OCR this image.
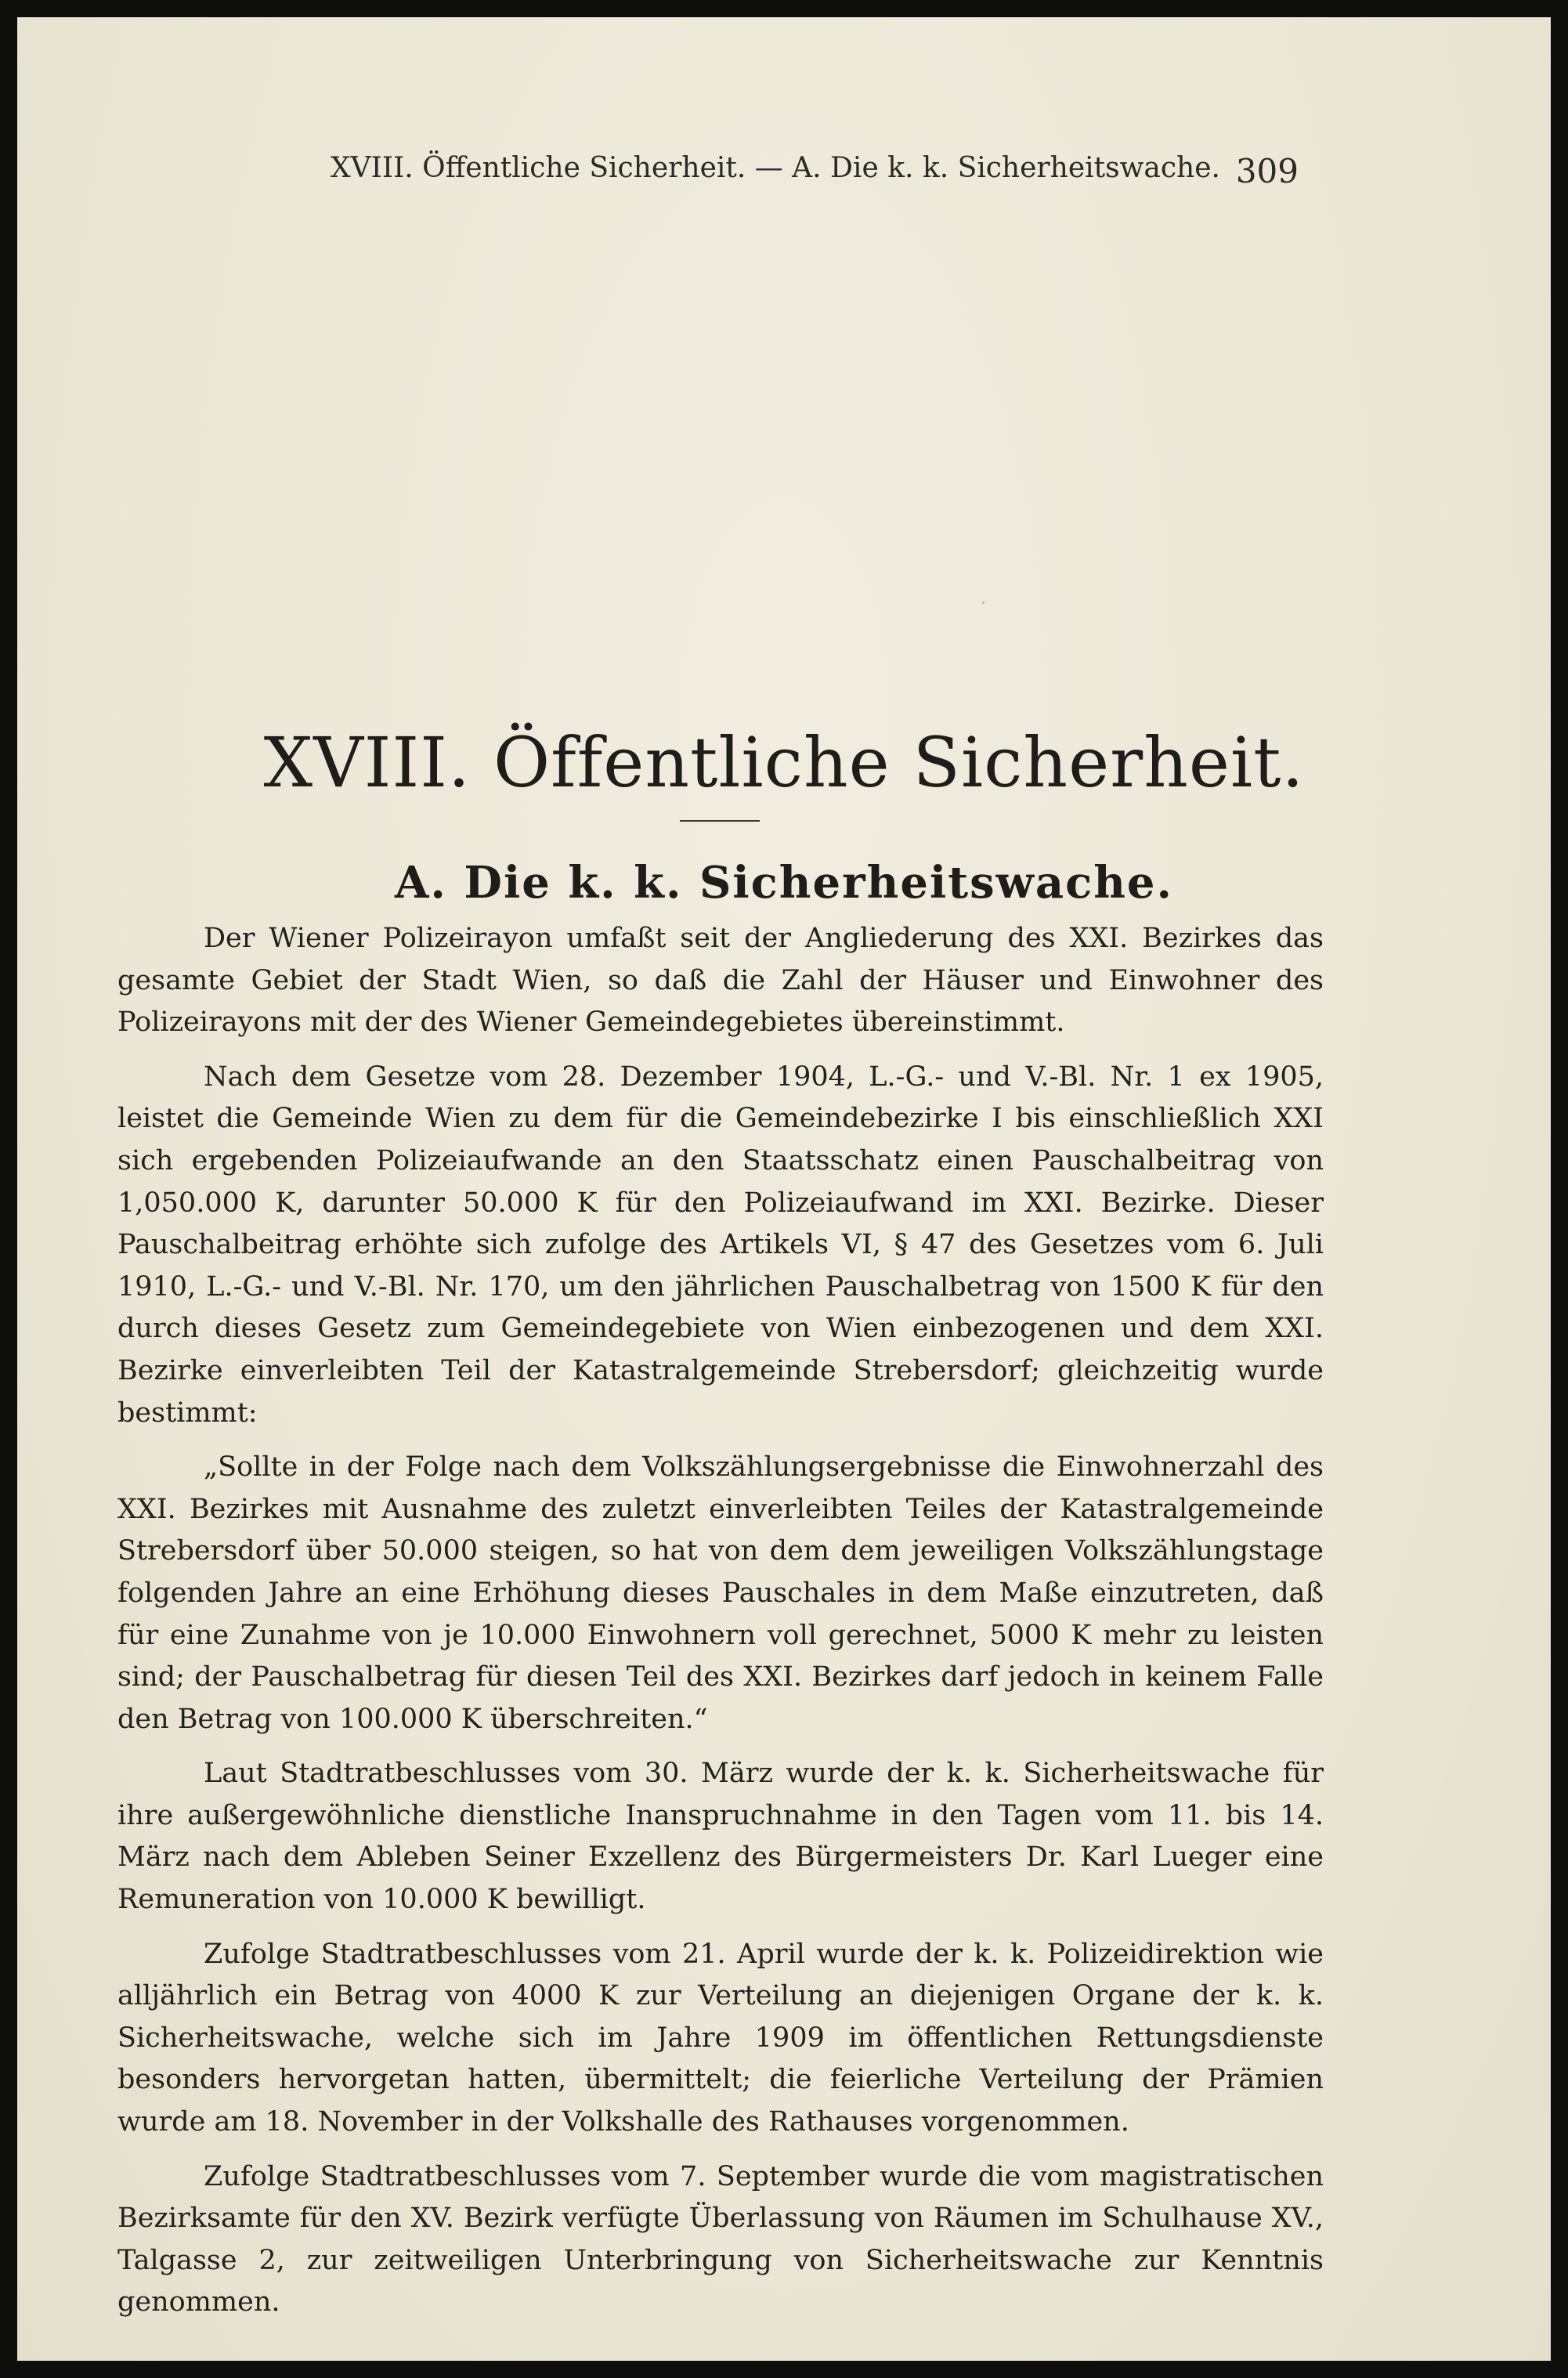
XVIII. Öffentliche Sicherheit. — A. Die k. k. Sicherheitswache. 309
XVIII. Öffentliche Sicherheit.
A. Die k. k. Sicherheitswache.

Der Wiener Polizeirayon umfaßt seit der Angliederung des XXI. Bezirkes das gesamte Gebiet der Stadt Wien, so daß die Zahl der Häuser und Einwohner des Polizeirayons mit der des Wiener Gemeindegebietes übereinstimmt.

Nach dem Gesetze vom 28. Dezember 1904, L.-G.- und V.-Bl. Nr. 1 ex 1905, leistet die Gemeinde Wien zu dem für die Gemeindebezirke I bis einschließlich XXI sich ergebenden Polizeiaufwande an den Staatsschatz einen Pauschalbeitrag von 1,050.000 K, darunter 50.000 K für den Polizeiaufwand im XXI. Bezirke. Dieser Pauschalbeitrag erhöhte sich zufolge des Artikels VI, § 47 des Gesetzes vom 6. Juli 1910, L.-G.- und V.-Bl. Nr. 170, um den jährlichen Pauschalbetrag von 1500 K für den durch dieses Gesetz zum Gemeindegebiete von Wien einbezogenen und dem XXI. Bezirke einverleibten Teil der Katastralgemeinde Strebersdorf; gleichzeitig wurde bestimmt:

„Sollte in der Folge nach dem Volkszählungsergebnisse die Einwohnerzahl des XXI. Bezirkes mit Ausnahme des zuletzt einverleibten Teiles der Katastralgemeinde Strebersdorf über 50.000 steigen, so hat von dem dem jeweiligen Volkszählungstage folgenden Jahre an eine Erhöhung dieses Pauschales in dem Maße einzutreten, daß für eine Zunahme von je 10.000 Einwohnern voll gerechnet, 5000 K mehr zu leisten sind; der Pauschalbetrag für diesen Teil des XXI. Bezirkes darf jedoch in keinem Falle den Betrag von 100.000 K überschreiten.“

Laut Stadtratbeschlusses vom 30. März wurde der k. k. Sicherheitswache für ihre außergewöhnliche dienstliche Inanspruchnahme in den Tagen vom 11. bis 14. März nach dem Ableben Seiner Exzellenz des Bürgermeisters Dr. Karl Lueger eine Remuneration von 10.000 K bewilligt.

Zufolge Stadtratbeschlusses vom 21. April wurde der k. k. Polizeidirektion wie alljährlich ein Betrag von 4000 K zur Verteilung an diejenigen Organe der k. k. Sicherheitswache, welche sich im Jahre 1909 im öffentlichen Rettungsdienste besonders hervorgetan hatten, übermittelt; die feierliche Verteilung der Prämien wurde am 18. November in der Volkshalle des Rathauses vorgenommen.

Zufolge Stadtratbeschlusses vom 7. September wurde die vom magistratischen Bezirksamte für den XV. Bezirk verfügte Überlassung von Räumen im Schulhause XV., Talgasse 2, zur zeitweiligen Unterbringung von Sicherheitswache zur Kenntnis genommen.
